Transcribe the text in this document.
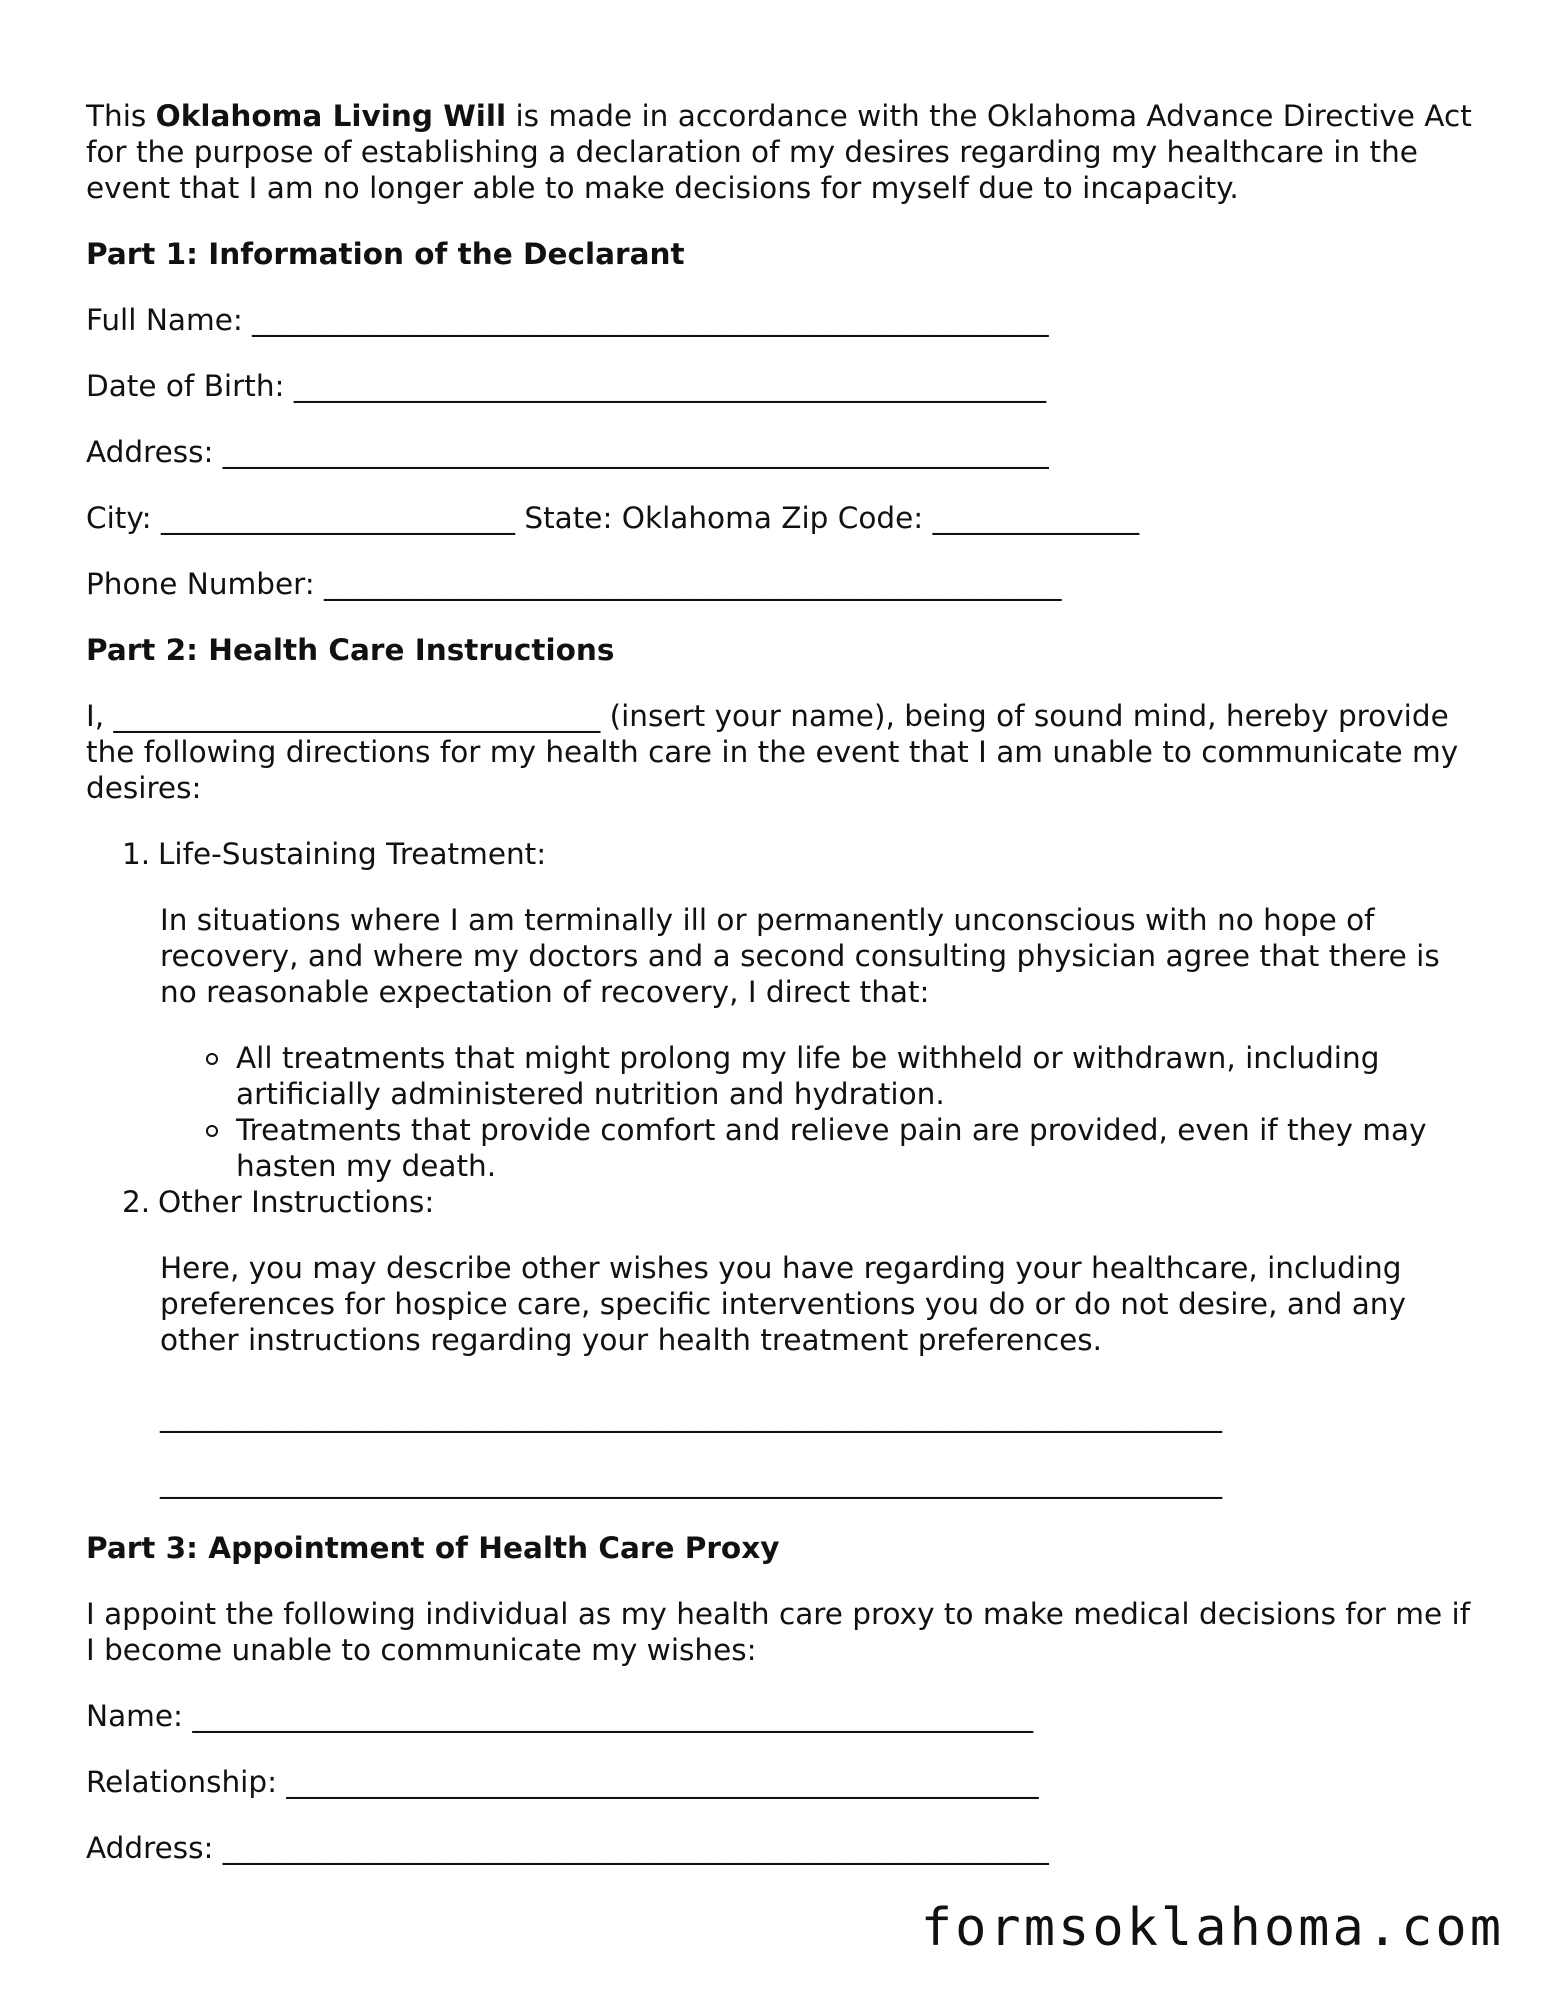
This Oklahoma Living Will is made in accordance with the Oklahoma Advance Directive Act for the purpose of establishing a declaration of my desires regarding my healthcare in the event that I am no longer able to make decisions for myself due to incapacity.

Part 1: Information of the Declarant

Full Name: ______________________________________________________

Date of Birth: ___________________________________________________

Address: ________________________________________________________

City: ________________________ State: Oklahoma Zip Code: ______________

Phone Number: __________________________________________________

Part 2: Health Care Instructions

I, _________________________________ (insert your name), being of sound mind, hereby provide the following directions for my health care in the event that I am unable to communicate my desires:

1. Life-Sustaining Treatment:

In situations where I am terminally ill or permanently unconscious with no hope of recovery, and where my doctors and a second consulting physician agree that there is no reasonable expectation of recovery, I direct that:

All treatments that might prolong my life be withheld or withdrawn, including artificially administered nutrition and hydration.
Treatments that provide comfort and relieve pain are provided, even if they may hasten my death.

2. Other Instructions:

Here, you may describe other wishes you have regarding your healthcare, including preferences for hospice care, specific interventions you do or do not desire, and any other instructions regarding your health treatment preferences.

________________________________________________________________________

________________________________________________________________________

Part 3: Appointment of Health Care Proxy

I appoint the following individual as my health care proxy to make medical decisions for me if I become unable to communicate my wishes:

Name: _________________________________________________________

Relationship: ___________________________________________________

Address: ________________________________________________________

formsoklahoma.com
